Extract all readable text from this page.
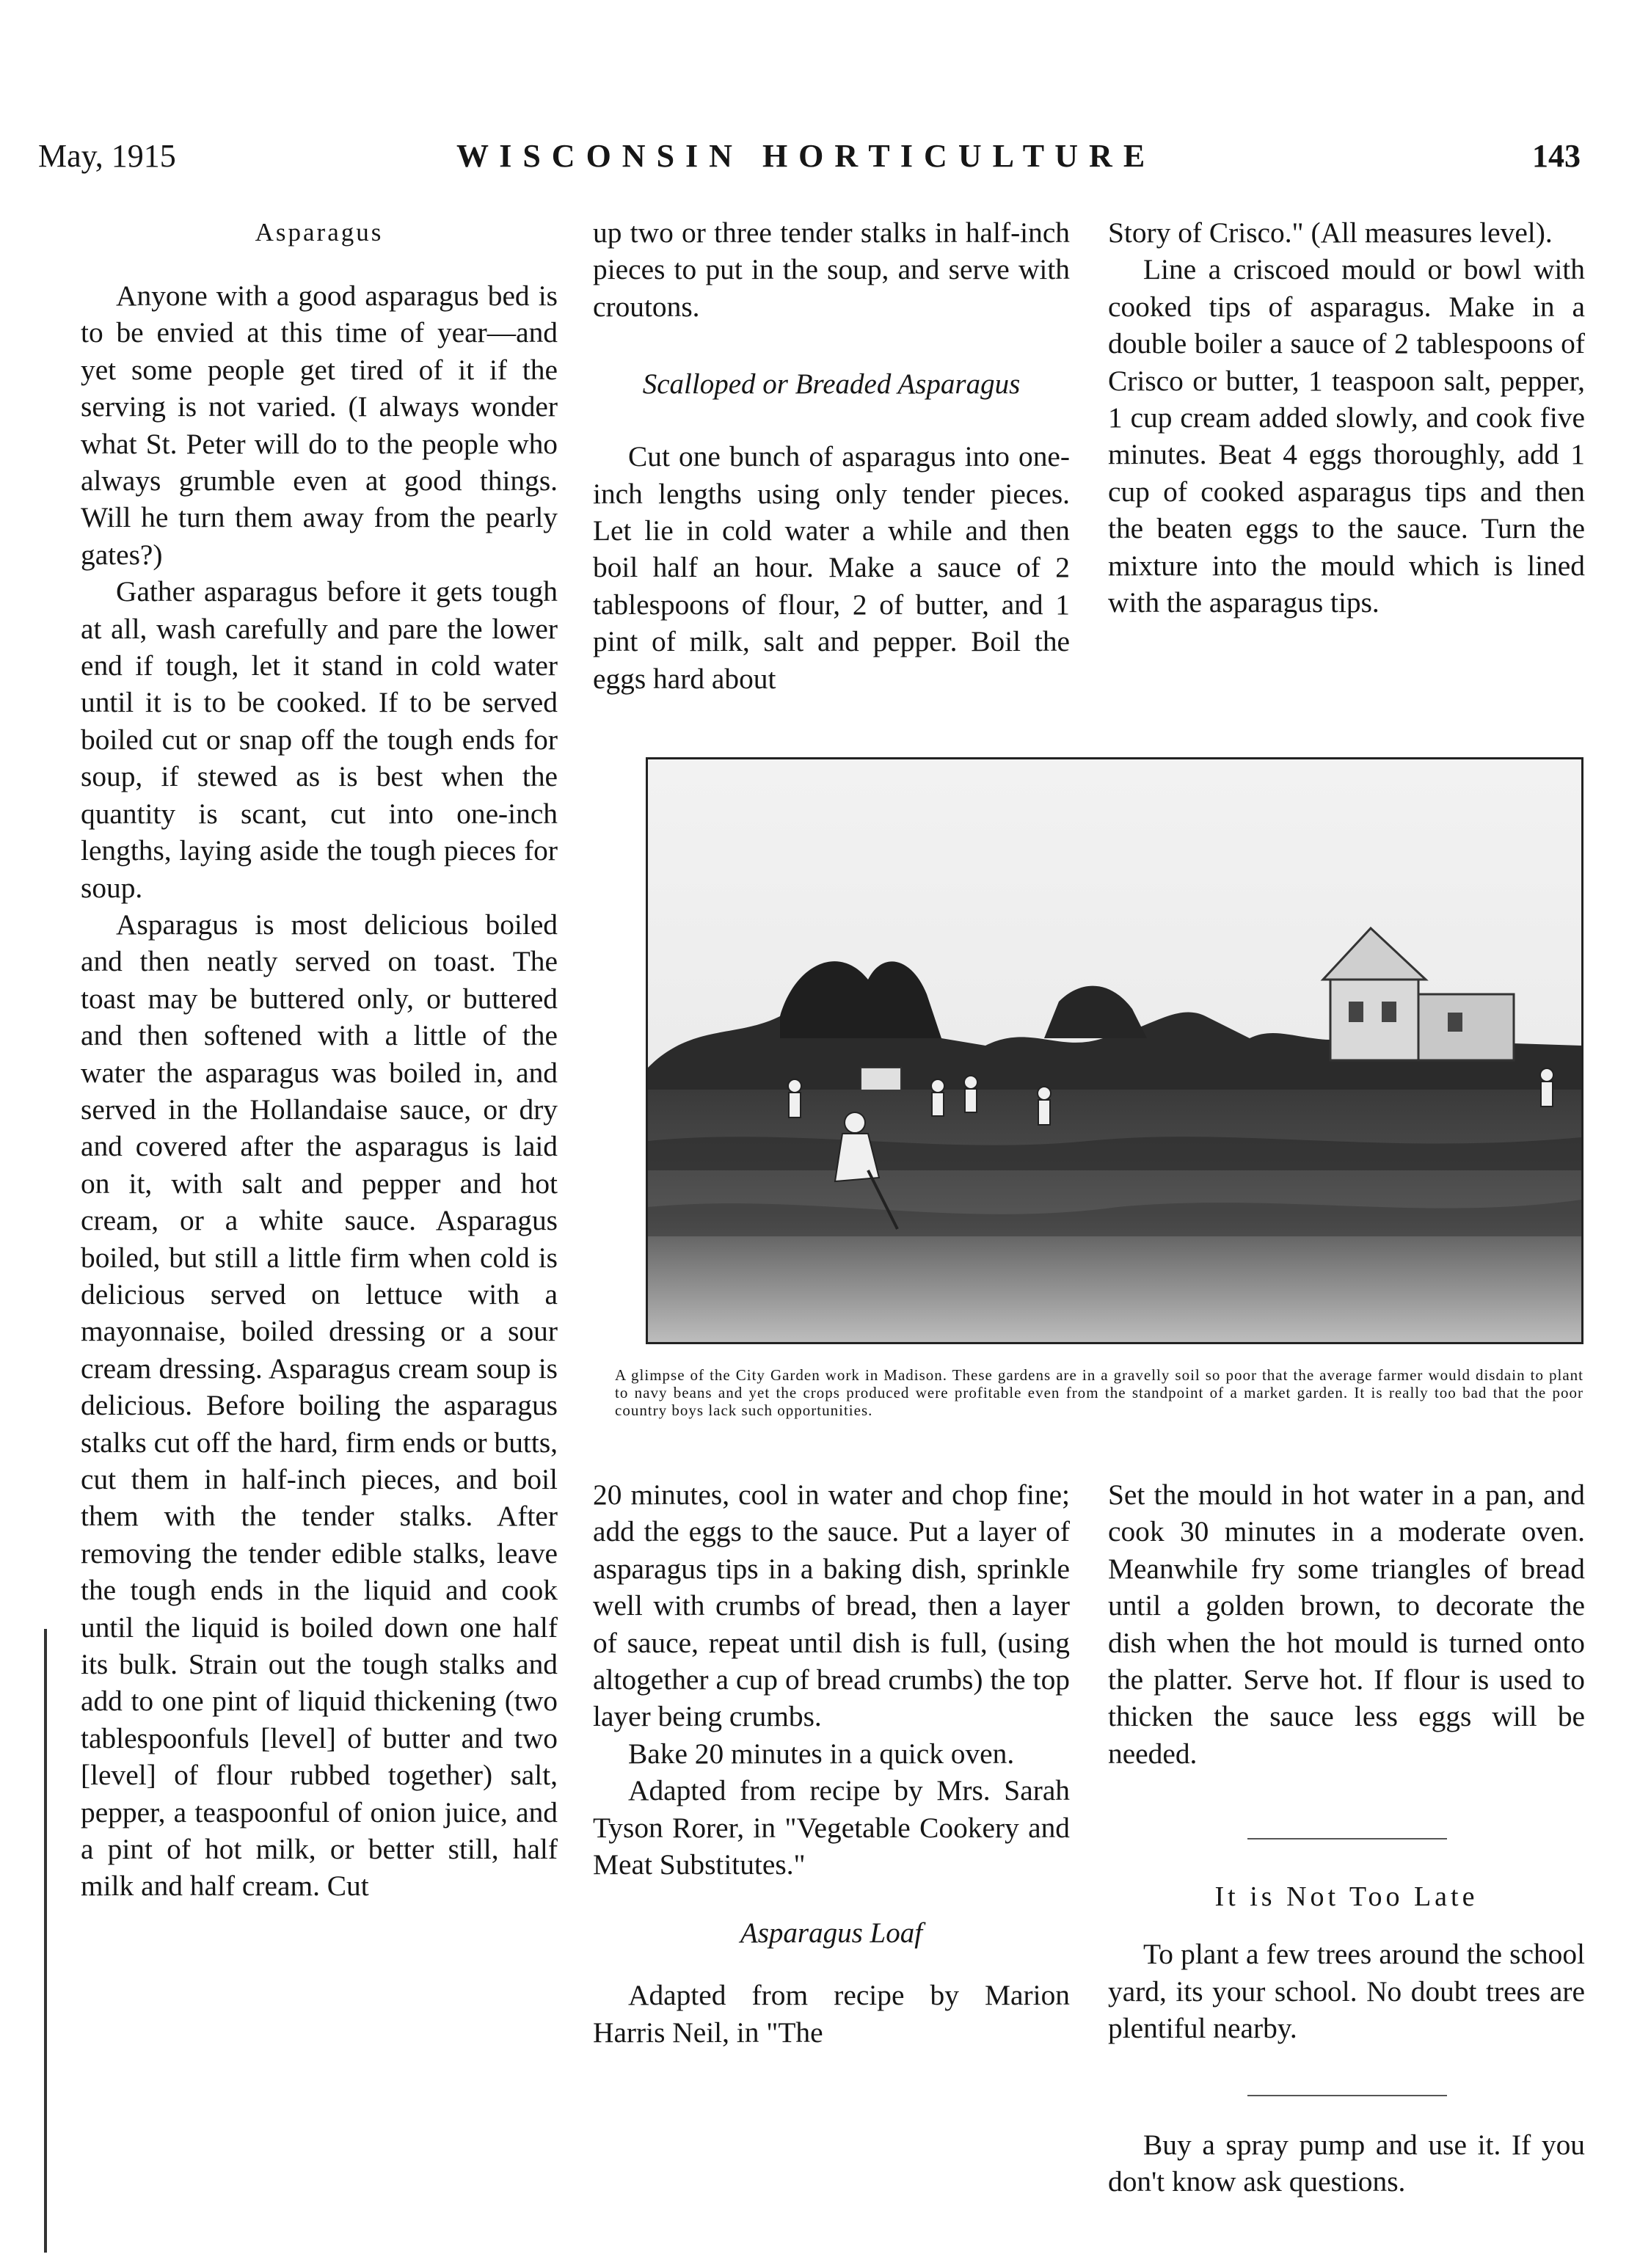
May, 1915	W I S C O N S I N   H O R T I C U L T U R E	143
Asparagus

Anyone with a good asparagus bed is to be envied at this time of year—and yet some people get tired of it if the serving is not varied. (I always wonder what St. Peter will do to the people who always grumble even at good things. Will he turn them away from the pearly gates?)

Gather asparagus before it gets tough at all, wash carefully and pare the lower end if tough, let it stand in cold water until it is to be cooked. If to be served boiled cut or snap off the tough ends for soup, if stewed as is best when the quantity is scant, cut into one-inch lengths, laying aside the tough pieces for soup.

Asparagus is most delicious boiled and then neatly served on toast. The toast may be buttered only, or buttered and then softened with a little of the water the asparagus was boiled in, and served in the Hollandaise sauce, or dry and covered after the asparagus is laid on it, with salt and pepper and hot cream, or a white sauce. Asparagus boiled, but still a little firm when cold is delicious served on lettuce with a mayonnaise, boiled dressing or a sour cream dressing. Asparagus cream soup is delicious. Before boiling the asparagus stalks cut off the hard, firm ends or butts, cut them in half-inch pieces, and boil them with the tender stalks. After removing the tender edible stalks, leave the tough ends in the liquid and cook until the liquid is boiled down one half its bulk. Strain out the tough stalks and add to one pint of liquid thickening (two tablespoonfuls [level] of butter and two [level] of flour rubbed together) salt, pepper, a teaspoonful of onion juice, and a pint of hot milk, or better still, half milk and half cream. Cut

up two or three tender stalks in half-inch pieces to put in the soup, and serve with croutons.

Scalloped or Breaded Asparagus

Cut one bunch of asparagus into one-inch lengths using only tender pieces. Let lie in cold water a while and then boil half an hour. Make a sauce of 2 tablespoons of flour, 2 of butter, and 1 pint of milk, salt and pepper. Boil the eggs hard about

Story of Crisco." (All measures level).

Line a criscoed mould or bowl with cooked tips of asparagus. Make in a double boiler a sauce of 2 tablespoons of Crisco or butter, 1 teaspoon salt, pepper, 1 cup cream added slowly, and cook five minutes. Beat 4 eggs thoroughly, add 1 cup of cooked asparagus tips and then the beaten eggs to the sauce. Turn the mixture into the mould which is lined with the asparagus tips.

A glimpse of the City Garden work in Madison. These gardens are in a gravelly soil so poor that the average farmer would disdain to plant to navy beans and yet the crops produced were profitable even from the standpoint of a market garden. It is really too bad that the poor country boys lack such opportunities.

20 minutes, cool in water and chop fine; add the eggs to the sauce. Put a layer of asparagus tips in a baking dish, sprinkle well with crumbs of bread, then a layer of sauce, repeat until dish is full, (using altogether a cup of bread crumbs) the top layer being crumbs.

Bake 20 minutes in a quick oven.

Adapted from recipe by Mrs. Sarah Tyson Rorer, in "Vegetable Cookery and Meat Substitutes."

Asparagus Loaf

Adapted from recipe by Marion Harris Neil, in "The

Set the mould in hot water in a pan, and cook 30 minutes in a moderate oven. Meanwhile fry some triangles of bread until a golden brown, to decorate the dish when the hot mould is turned onto the platter. Serve hot. If flour is used to thicken the sauce less eggs will be needed.

It is Not Too Late

To plant a few trees around the school yard, its your school. No doubt trees are plentiful nearby.

Buy a spray pump and use it. If you don't know ask questions.
